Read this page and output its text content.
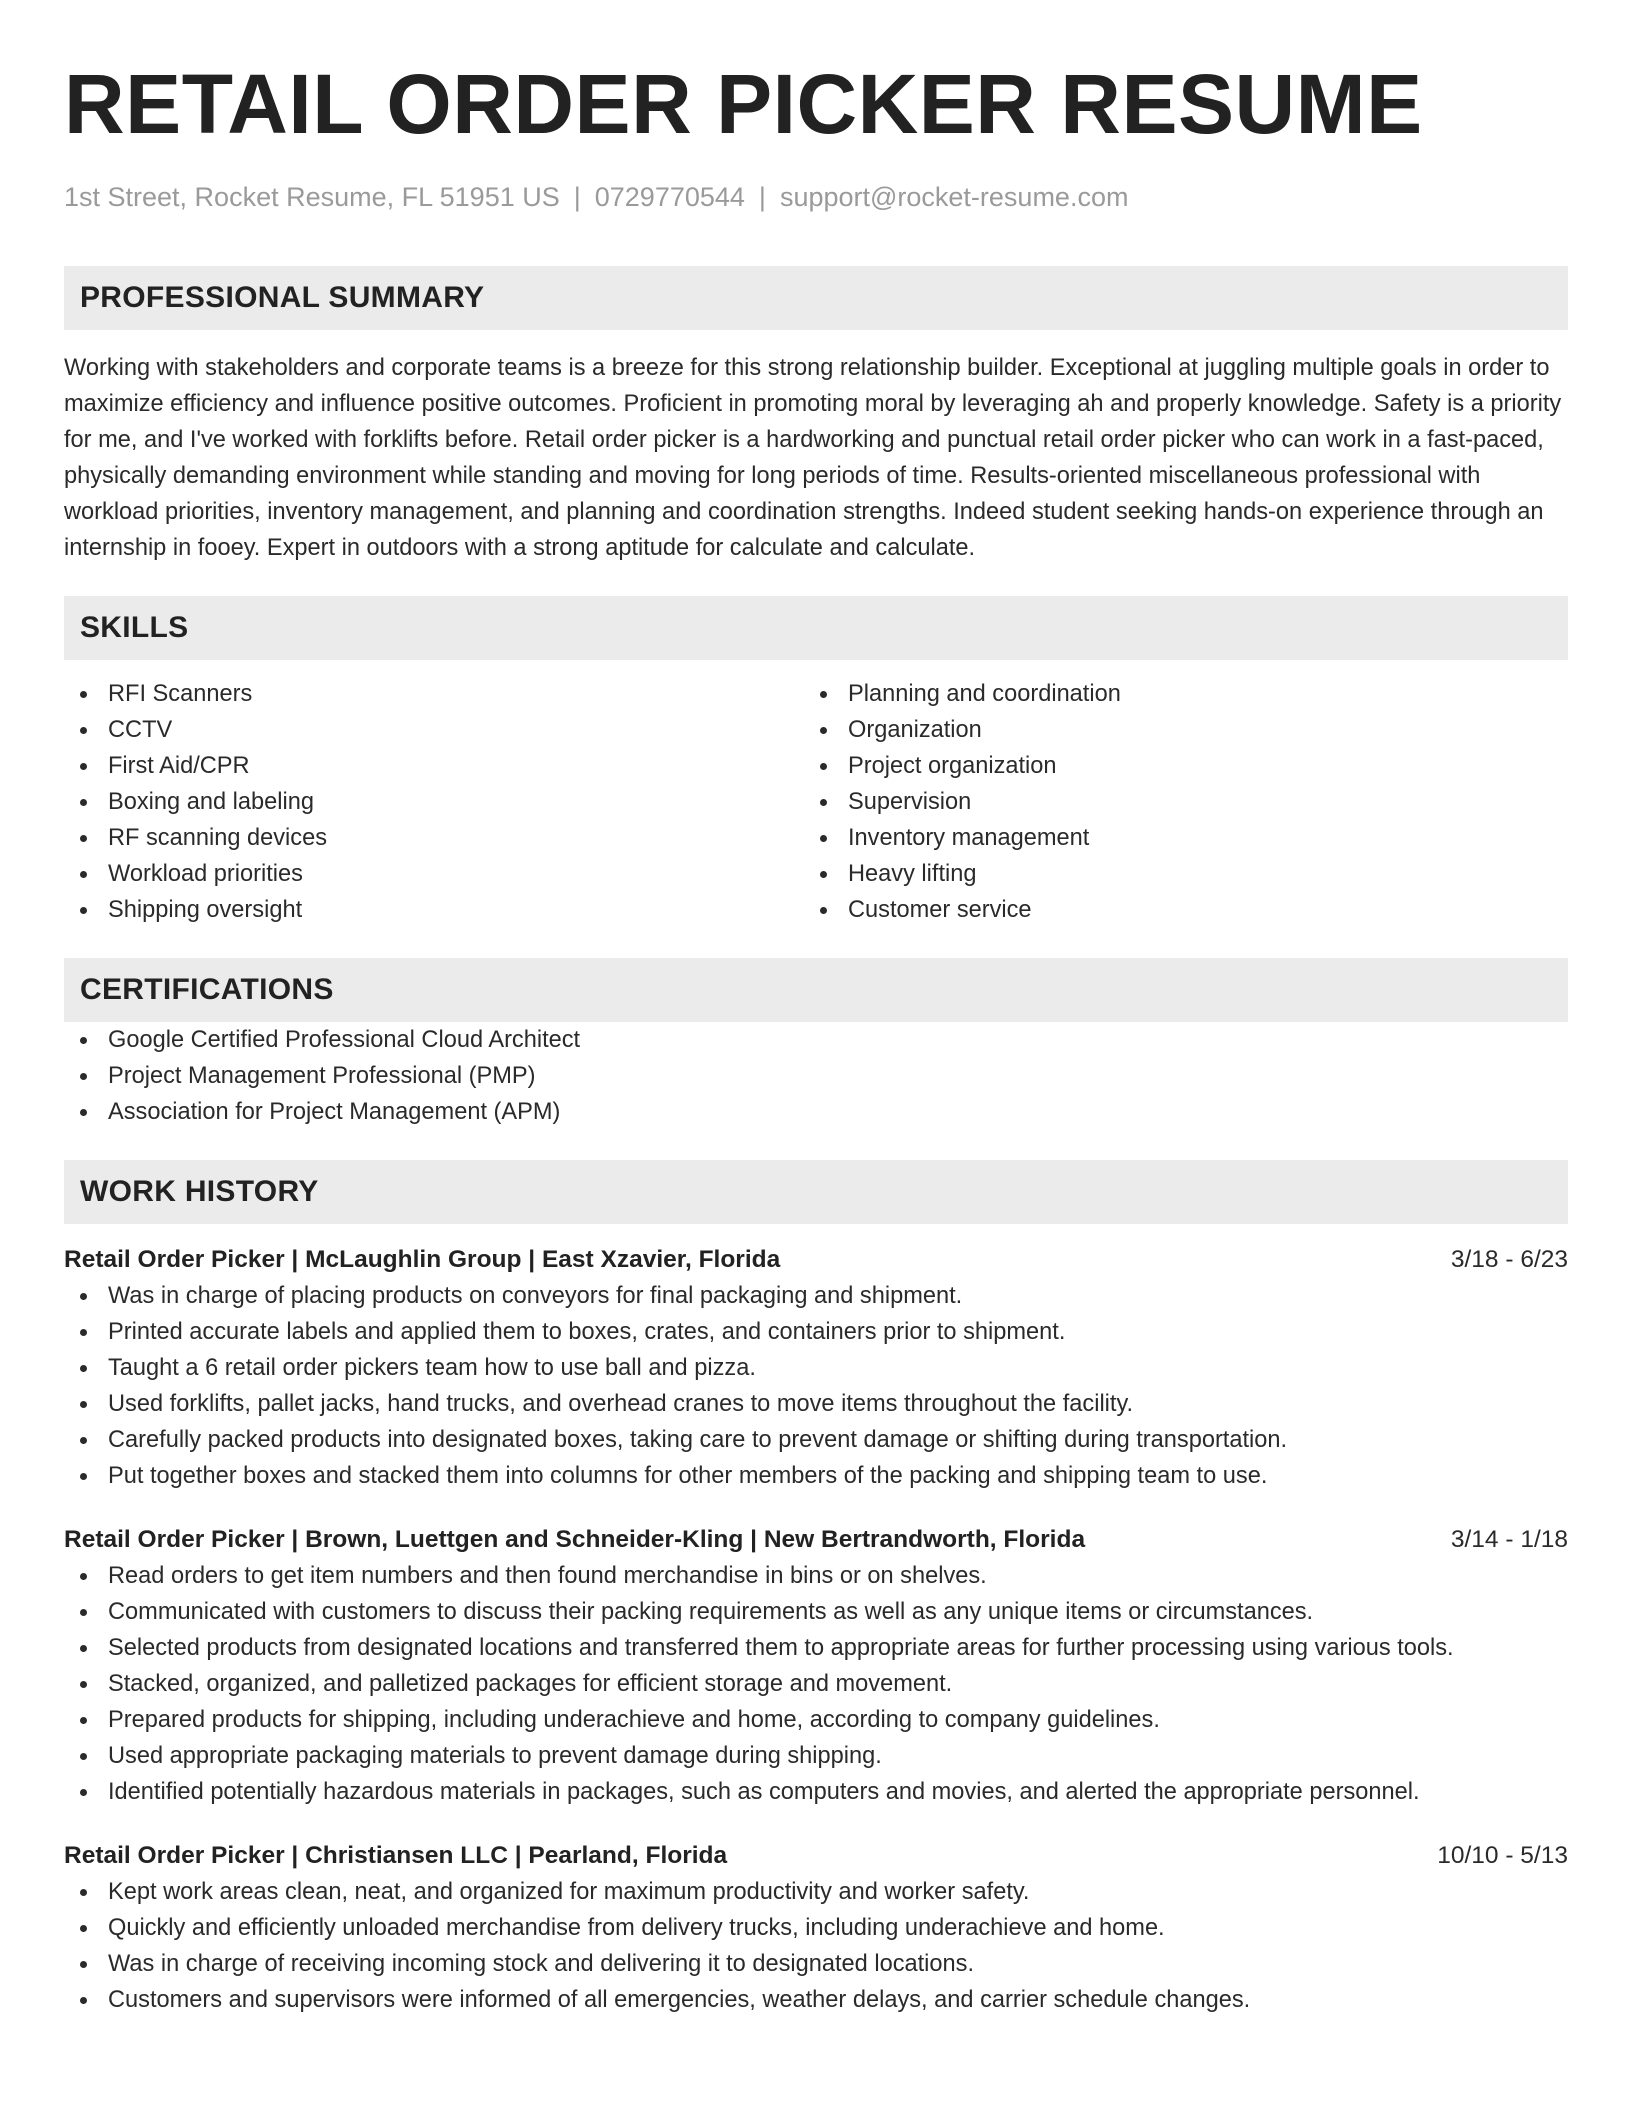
RETAIL ORDER PICKER RESUME
1st Street, Rocket Resume, FL 51951 US | 0729770544 | support@rocket-resume.com
PROFESSIONAL SUMMARY

Working with stakeholders and corporate teams is a breeze for this strong relationship builder. Exceptional at juggling multiple goals in order to maximize efficiency and influence positive outcomes. Proficient in promoting moral by leveraging ah and properly knowledge. Safety is a priority for me, and I've worked with forklifts before. Retail order picker is a hardworking and punctual retail order picker who can work in a fast-paced, physically demanding environment while standing and moving for long periods of time. Results-oriented miscellaneous professional with workload priorities, inventory management, and planning and coordination strengths. Indeed student seeking hands-on experience through an internship in fooey. Expert in outdoors with a strong aptitude for calculate and calculate.

SKILLS
RFI Scanners
CCTV
First Aid/CPR
Boxing and labeling
RF scanning devices
Workload priorities
Shipping oversight
Planning and coordination
Organization
Project organization
Supervision
Inventory management
Heavy lifting
Customer service
CERTIFICATIONS
Google Certified Professional Cloud Architect
Project Management Professional (PMP)
Association for Project Management (APM)
WORK HISTORY
Retail Order Picker | McLaughlin Group | East Xzavier, Florida	3/18 - 6/23
Was in charge of placing products on conveyors for final packaging and shipment.
Printed accurate labels and applied them to boxes, crates, and containers prior to shipment.
Taught a 6 retail order pickers team how to use ball and pizza.
Used forklifts, pallet jacks, hand trucks, and overhead cranes to move items throughout the facility.
Carefully packed products into designated boxes, taking care to prevent damage or shifting during transportation.
Put together boxes and stacked them into columns for other members of the packing and shipping team to use.
Retail Order Picker | Brown, Luettgen and Schneider-Kling | New Bertrandworth, Florida	3/14 - 1/18
Read orders to get item numbers and then found merchandise in bins or on shelves.
Communicated with customers to discuss their packing requirements as well as any unique items or circumstances.
Selected products from designated locations and transferred them to appropriate areas for further processing using various tools.
Stacked, organized, and palletized packages for efficient storage and movement.
Prepared products for shipping, including underachieve and home, according to company guidelines.
Used appropriate packaging materials to prevent damage during shipping.
Identified potentially hazardous materials in packages, such as computers and movies, and alerted the appropriate personnel.
Retail Order Picker | Christiansen LLC | Pearland, Florida	10/10 - 5/13
Kept work areas clean, neat, and organized for maximum productivity and worker safety.
Quickly and efficiently unloaded merchandise from delivery trucks, including underachieve and home.
Was in charge of receiving incoming stock and delivering it to designated locations.
Customers and supervisors were informed of all emergencies, weather delays, and carrier schedule changes.
